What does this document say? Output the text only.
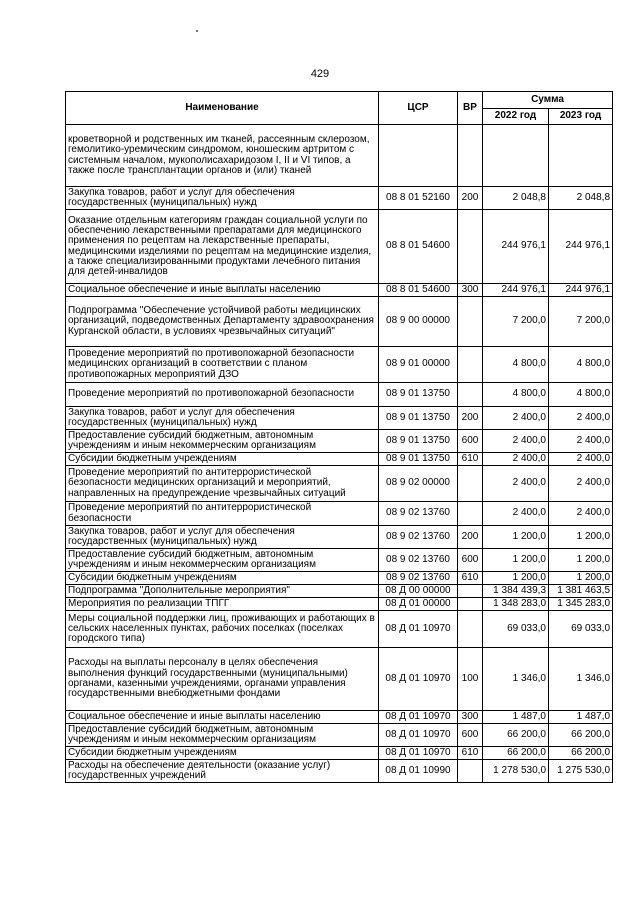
429
Наименование	ЦСР	ВР	Сумма	
			2022 год	2023 год
кроветворной и родственных им тканей, рассеянным склерозом, гемолитико-уремическим синдромом, юношеским артритом с системным началом, мукополисахаридозом I, II и VI типов, а также после трансплантации органов и (или) тканей				
Закупка товаров, работ и услуг для обеспечения государственных (муниципальных) нужд	08 8 01 52160	200	2 048,8	2 048,8
Оказание отдельным категориям граждан социальной услуги по обеспечению лекарственными препаратами для медицинского применения по рецептам на лекарственные препараты, медицинскими изделиями по рецептам на медицинские изделия, а также специализированными продуктами лечебного питания для детей-инвалидов	08 8 01 54600		244 976,1	244 976,1
Социальное обеспечение и иные выплаты населению	08 8 01 54600	300	244 976,1	244 976,1
Подпрограмма "Обеспечение устойчивой работы медицинских организаций, подведомственных Департаменту здравоохранения Курганской области, в условиях чрезвычайных ситуаций"	08 9 00 00000		7 200,0	7 200,0
Проведение мероприятий по противопожарной безопасности медицинских организаций в соответствии с планом противопожарных мероприятий ДЗО	08 9 01 00000		4 800,0	4 800,0
Проведение мероприятий по противопожарной безопасности	08 9 01 13750		4 800,0	4 800,0
Закупка товаров, работ и услуг для обеспечения государственных (муниципальных) нужд	08 9 01 13750	200	2 400,0	2 400,0
Предоставление субсидий бюджетным, автономным учреждениям и иным некоммерческим организациям	08 9 01 13750	600	2 400,0	2 400,0
Субсидии бюджетным учреждениям	08 9 01 13750	610	2 400,0	2 400,0
Проведение мероприятий по антитеррористической безопасности медицинских организаций и мероприятий, направленных на предупреждение чрезвычайных ситуаций	08 9 02 00000		2 400,0	2 400,0
Проведение мероприятий по антитеррористической безопасности	08 9 02 13760		2 400,0	2 400,0
Закупка товаров, работ и услуг для обеспечения государственных (муниципальных) нужд	08 9 02 13760	200	1 200,0	1 200,0
Предоставление субсидий бюджетным, автономным учреждениям и иным некоммерческим организациям	08 9 02 13760	600	1 200,0	1 200,0
Субсидии бюджетным учреждениям	08 9 02 13760	610	1 200,0	1 200,0
Подпрограмма "Дополнительные мероприятия"	08 Д 00 00000		1 384 439,3	1 381 463,5
Мероприятия по реализации ТПГГ	08 Д 01 00000		1 348 283,0	1 345 283,0
Меры социальной поддержки лиц, проживающих и работающих в сельских населенных пунктах, рабочих поселках (поселках городского типа)	08 Д 01 10970		69 033,0	69 033,0
Расходы на выплаты персоналу в целях обеспечения выполнения функций государственными (муниципальными) органами, казенными учреждениями, органами управления государственными внебюджетными фондами	08 Д 01 10970	100	1 346,0	1 346,0
Социальное обеспечение и иные выплаты населению	08 Д 01 10970	300	1 487,0	1 487,0
Предоставление субсидий бюджетным, автономным учреждениям и иным некоммерческим организациям	08 Д 01 10970	600	66 200,0	66 200,0
Субсидии бюджетным учреждениям	08 Д 01 10970	610	66 200,0	66 200,0
Расходы на обеспечение деятельности (оказание услуг) государственных учреждений	08 Д 01 10990		1 278 530,0	1 275 530,0
